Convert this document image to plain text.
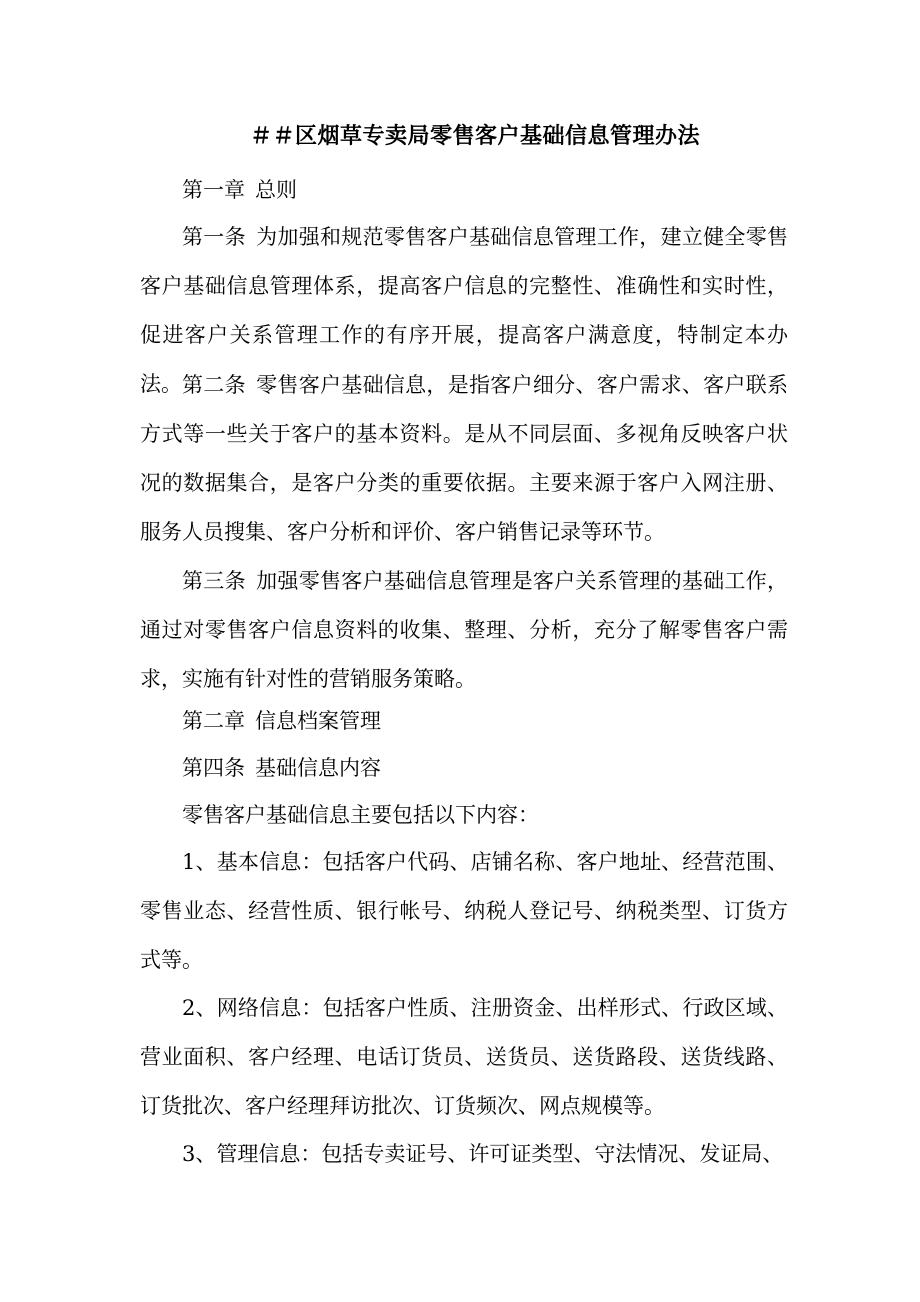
＃＃区烟草专卖局零售客户基础信息管理办法

第一章 总则

第一条 为加强和规范零售客户基础信息管理工作，建立健全零售客户基础信息管理体系，提高客户信息的完整性、准确性和实时性，促进客户关系管理工作的有序开展，提高客户满意度，特制定本办法。 第二条 零售客户基础信息，是指客户细分、客户需求、客户联系方式等一些关于客户的基本资料。是从不同层面、多视角反映客户状况的数据集合，是客户分类的重要依据。主要来源于客户入网注册、服务人员搜集、客户分析和评价、客户销售记录等环节。

第三条 加强零售客户基础信息管理是客户关系管理的基础工作，通过对零售客户信息资料的收集、整理、分析，充分了解零售客户需求，实施有针对性的营销服务策略。

第二章 信息档案管理

第四条 基础信息内容

零售客户基础信息主要包括以下内容：

1、基本信息：包括客户代码、店铺名称、客户地址、经营范围、零售业态、经营性质、银行帐号、纳税人登记号、纳税类型、订货方式等。

2、网络信息：包括客户性质、注册资金、出样形式、行政区域、营业面积、客户经理、电话订货员、送货员、送货路段、送货线路、订货批次、客户经理拜访批次、订货频次、网点规模等。

3、管理信息：包括专卖证号、许可证类型、守法情况、发证局、
